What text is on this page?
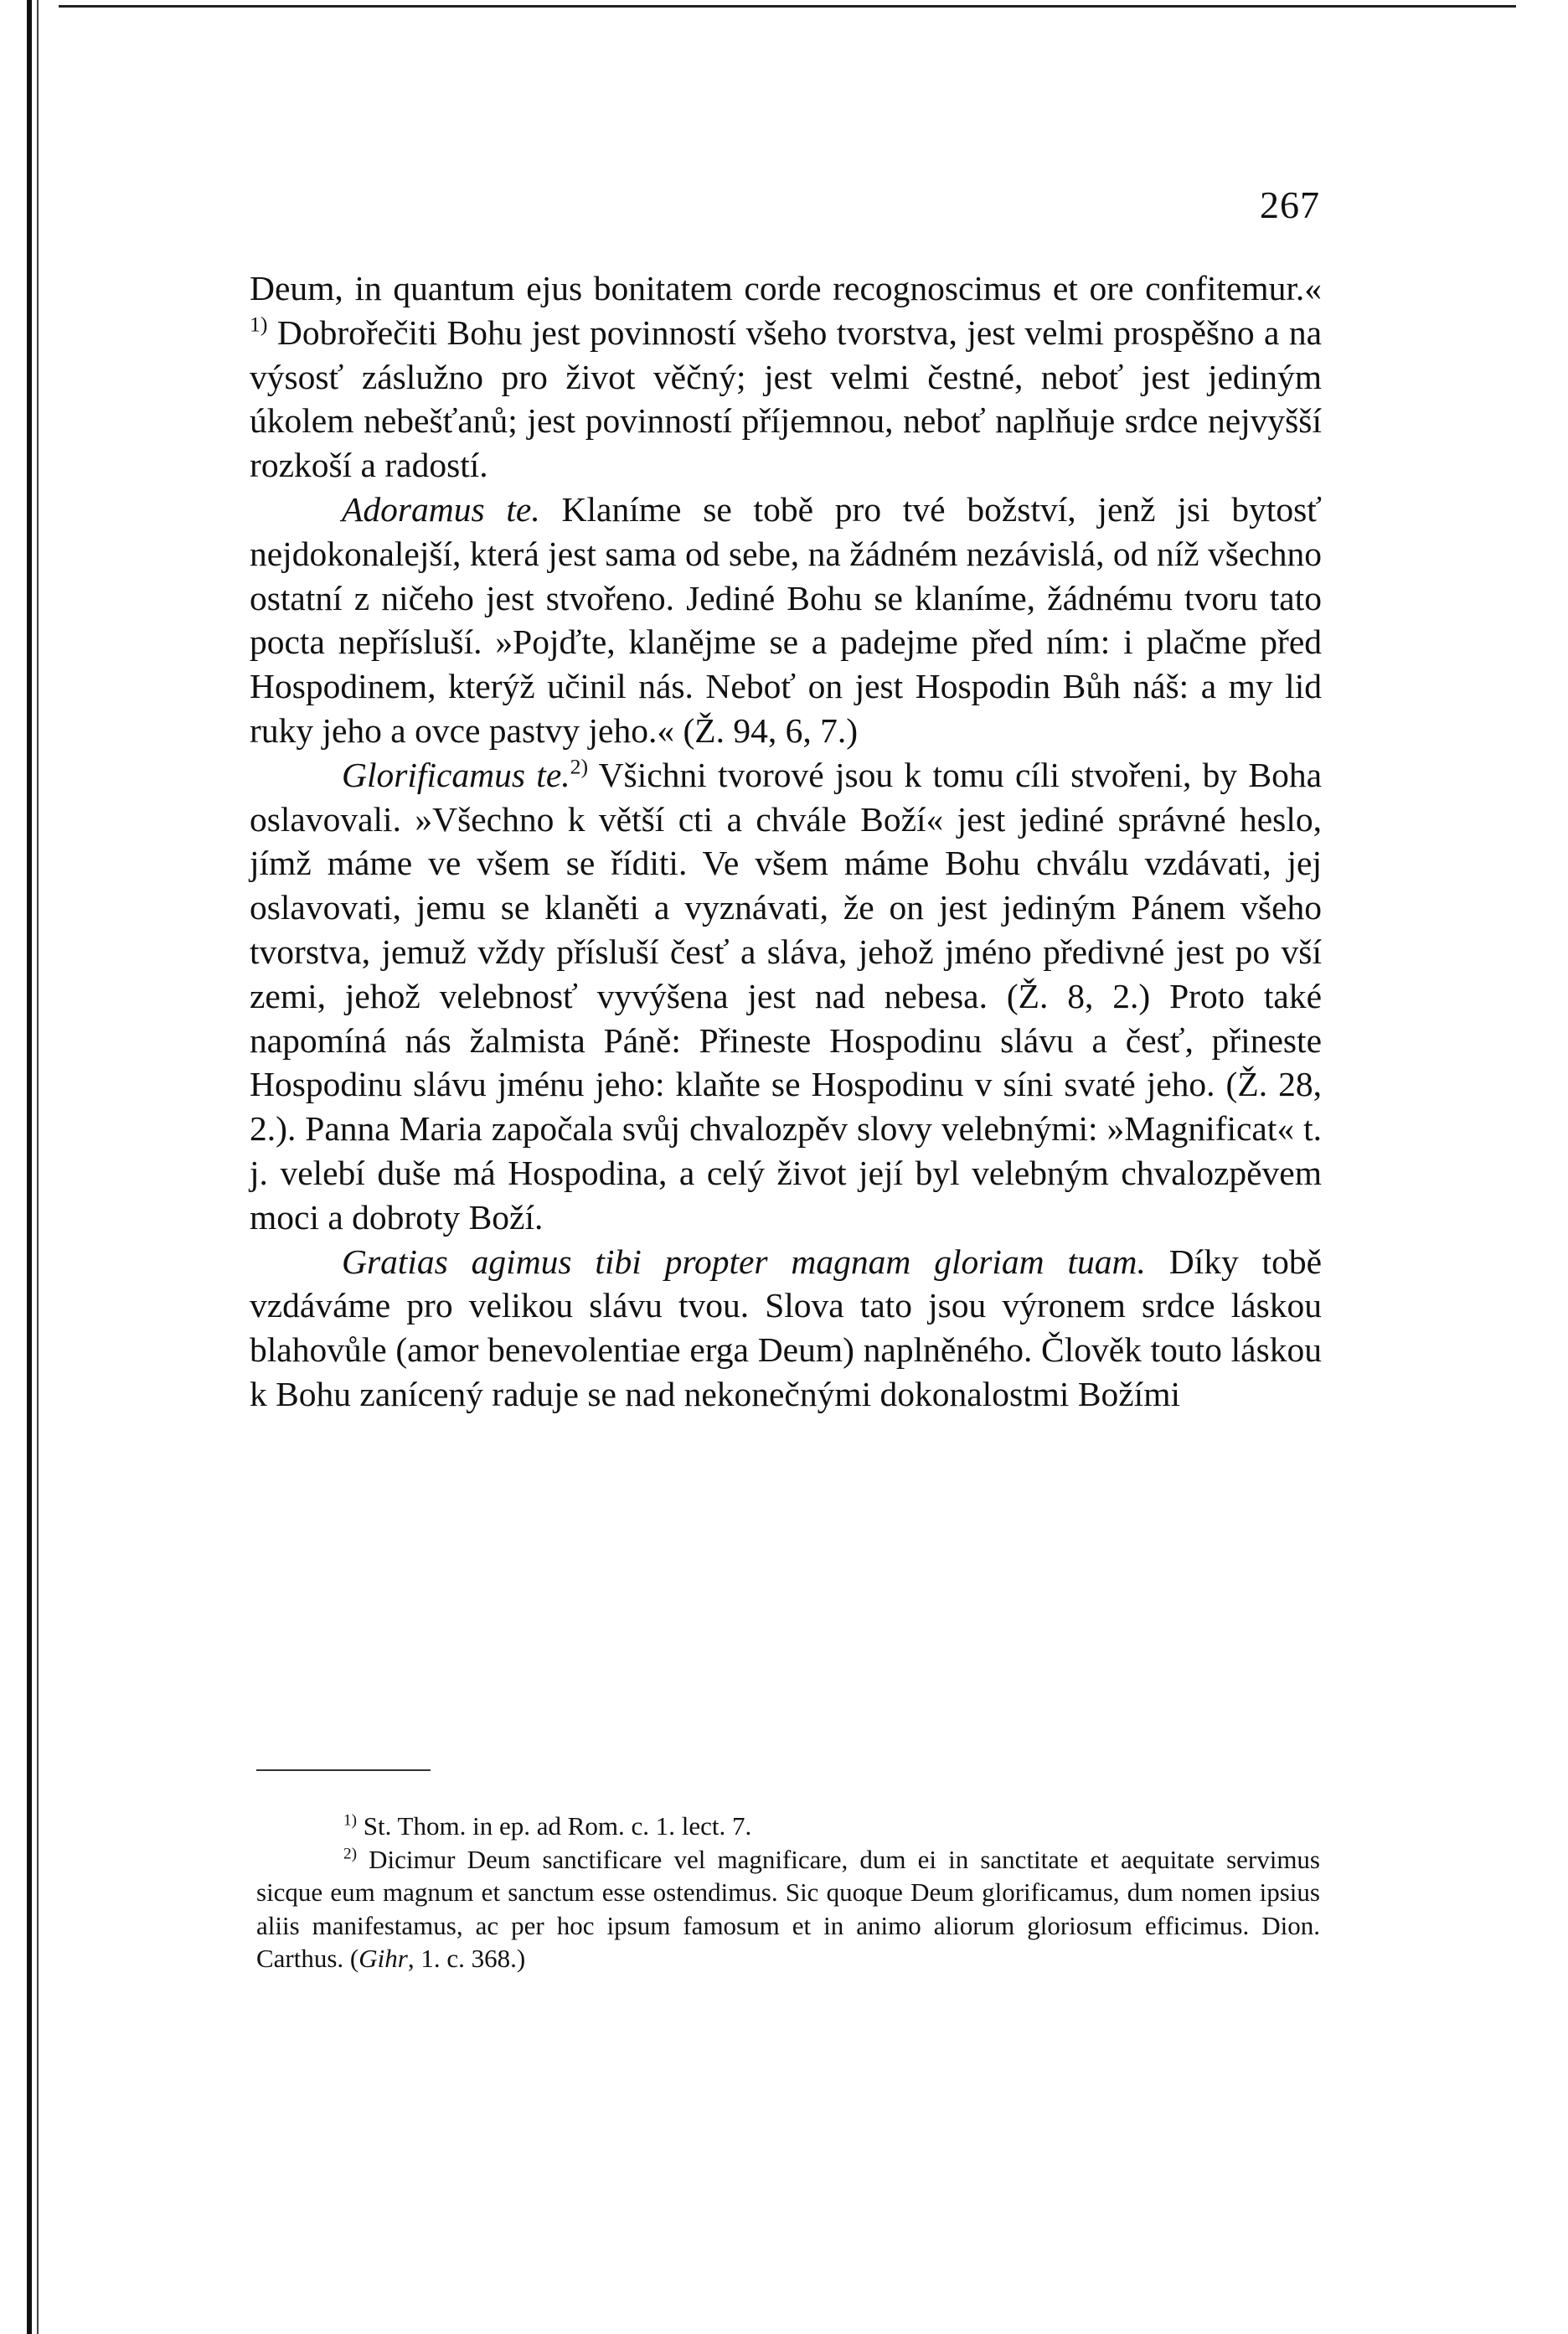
267

Deum, in quantum ejus bonitatem corde recognoscimus et ore confitemur.« $^{1)}$ Dobrořečiti Bohu jest povinností všeho tvorstva, jest velmi prospěšno a na výsosť záslužno pro život věčný; jest velmi čestné, neboť jest jediným úkolem nebešťanů; jest povinností příjemnou, neboť naplňuje srdce nejvyšší rozkoší a radostí.

Adoramus te. Klaníme se tobě pro tvé božství, jenž jsi bytosť nejdokonalejší, která jest sama od sebe, na žádném nezávislá, od níž všechno ostatní z ničeho jest stvořeno. Jediné Bohu se klaníme, žádnému tvoru tato pocta nepřísluší. »Pojďte, klanějme se a padejme před ním: i plačme před Hospodinem, kterýž učinil nás. Neboť on jest Hospodin Bůh náš: a my lid ruky jeho a ovce pastvy jeho.« (Ž. 94, 6, 7.)

Glorificamus te.$^{2)}$ Všichni tvorové jsou k tomu cíli stvořeni, by Boha oslavovali. »Všechno k větší cti a chvále Boží« jest jediné správné heslo, jímž máme ve všem se říditi. Ve všem máme Bohu chválu vzdávati, jej oslavovati, jemu se klaněti a vyznávati, že on jest jediným Pánem všeho tvorstva, jemuž vždy přísluší česť a sláva, jehož jméno předivné jest po vší zemi, jehož velebnosť vyvýšena jest nad nebesa. (Ž. 8, 2.) Proto také napomíná nás žalmista Páně: Přineste Hospodinu slávu a česť, přineste Hospodinu slávu jménu jeho: klaňte se Hospodinu v síni svaté jeho. (Ž. 28, 2.). Panna Maria započala svůj chvalozpěv slovy velebnými: »Magnificat« t. j. velebí duše má Hospodina, a celý život její byl velebným chvalozpěvem moci a dobroty Boží.

Gratias agimus tibi propter magnam gloriam tuam. Díky tobě vzdáváme pro velikou slávu tvou. Slova tato jsou výronem srdce láskou blahovůle (amor benevolentiae erga Deum) naplněného. Člověk touto láskou k Bohu zanícený raduje se nad nekonečnými dokonalostmi Božími

$^{1)}$ St. Thom. in ep. ad Rom. c. 1. lect. 7.

$^{2)}$ Dicimur Deum sanctificare vel magnificare, dum ei in sanctitate et aequitate servimus sicque eum magnum et sanctum esse ostendimus. Sic quoque Deum glorificamus, dum nomen ipsius aliis manifestamus, ac per hoc ipsum famosum et in animo aliorum gloriosum efficimus. Dion. Carthus. (Gihr, 1. c. 368.)
